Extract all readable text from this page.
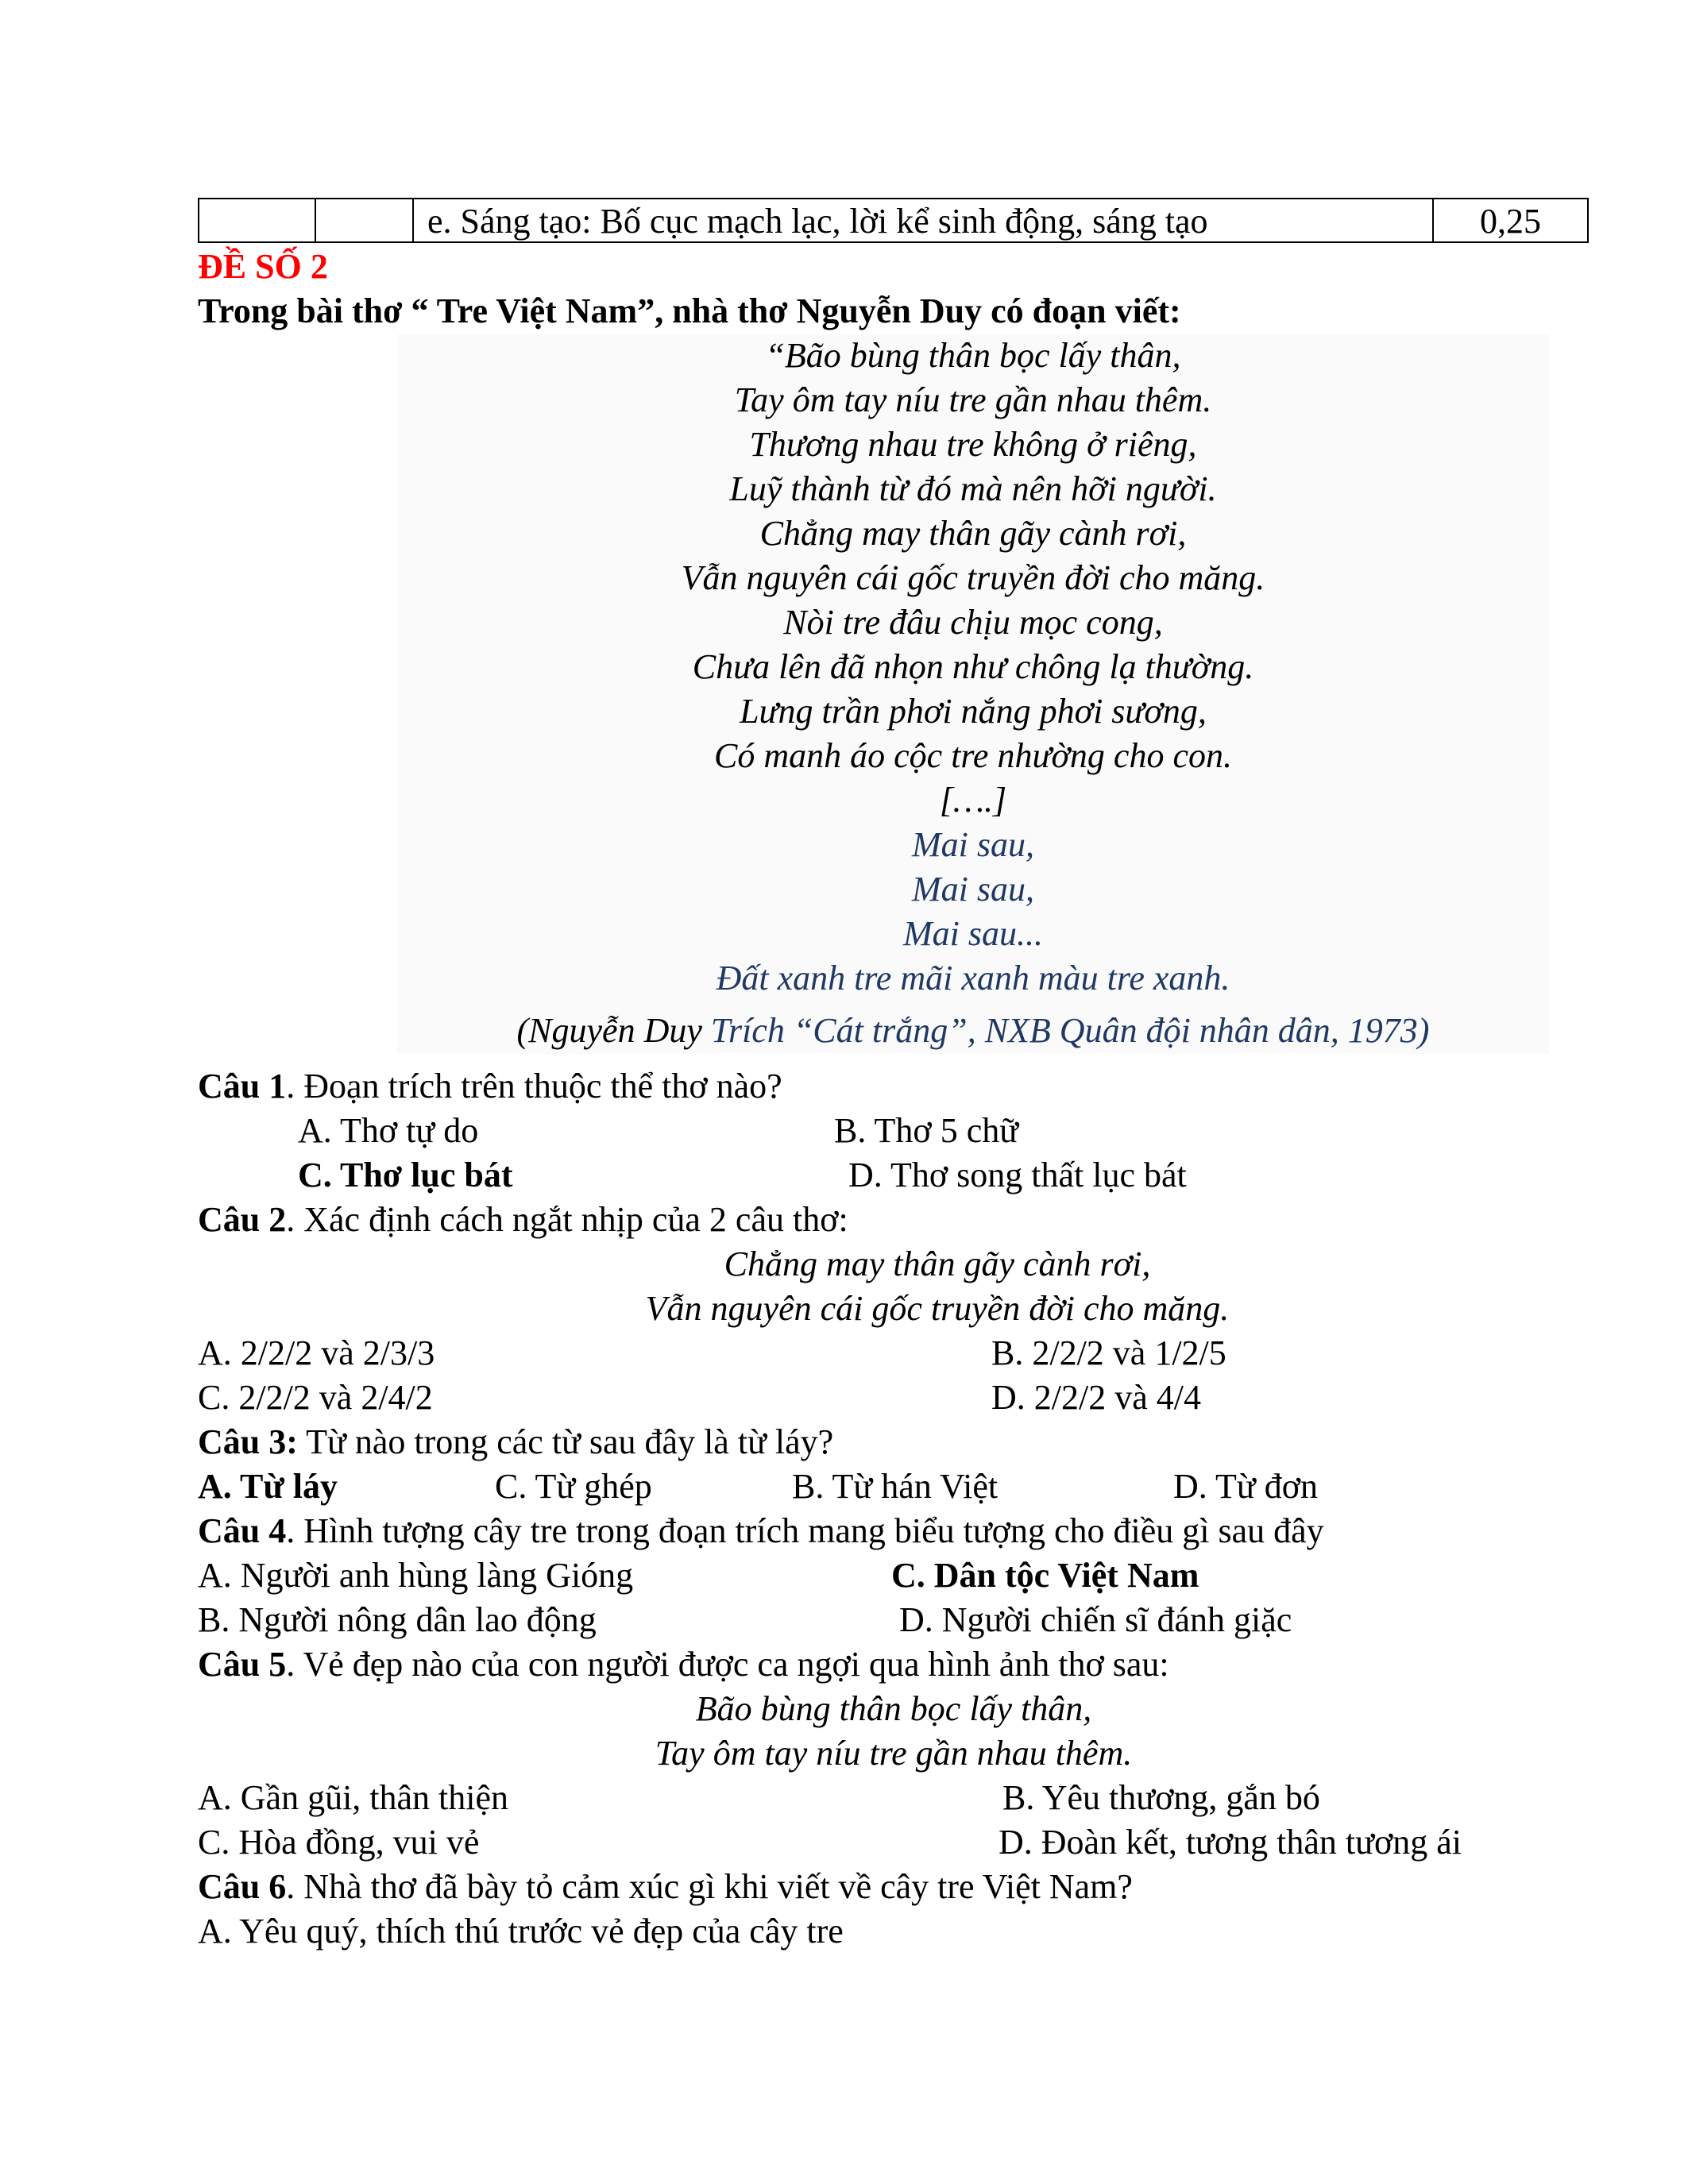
e. Sáng tạo: Bố cục mạch lạc, lời kể sinh động, sáng tạo	0,25
ĐỀ SỐ 2
Trong bài thơ “ Tre Việt Nam”, nhà thơ Nguyễn Duy có đoạn viết:
“Bão bùng thân bọc lấy thân,
Tay ôm tay níu tre gần nhau thêm.
Thương nhau tre không ở riêng,
Luỹ thành từ đó mà nên hỡi người.
Chẳng may thân gãy cành rơi,
Vẫn nguyên cái gốc truyền đời cho măng.
Nòi tre đâu chịu mọc cong,
Chưa lên đã nhọn như chông lạ thường.
Lưng trần phơi nắng phơi sương,
Có manh áo cộc tre nhường cho con.
[….]
Mai sau,
Mai sau,
Mai sau...
Đất xanh tre mãi xanh màu tre xanh.
(Nguyễn Duy Trích “Cát trắng”, NXB Quân đội nhân dân, 1973)
Câu 1. Đoạn trích trên thuộc thể thơ nào?
A. Thơ tự do	B. Thơ 5 chữ
C. Thơ lục bát	D. Thơ song thất lục bát
Câu 2. Xác định cách ngắt nhịp của 2 câu thơ:
Chẳng may thân gãy cành rơi,
Vẫn nguyên cái gốc truyền đời cho măng.
A. 2/2/2 và 2/3/3	B. 2/2/2 và 1/2/5
C. 2/2/2 và 2/4/2	D. 2/2/2 và 4/4
Câu 3: Từ nào trong các từ sau đây là từ láy?
A. Từ láy	C. Từ ghép	B. Từ hán Việt	D. Từ đơn
Câu 4. Hình tượng cây tre trong đoạn trích mang biểu tượng cho điều gì sau đây
A. Người anh hùng làng Gióng	C. Dân tộc Việt Nam
B. Người nông dân lao động	D. Người chiến sĩ đánh giặc
Câu 5. Vẻ đẹp nào của con người được ca ngợi qua hình ảnh thơ sau:
Bão bùng thân bọc lấy thân,
Tay ôm tay níu tre gần nhau thêm.
A. Gần gũi, thân thiện	B. Yêu thương, gắn bó
C. Hòa đồng, vui vẻ	D. Đoàn kết, tương thân tương ái
Câu 6. Nhà thơ đã bày tỏ cảm xúc gì khi viết về cây tre Việt Nam?
A. Yêu quý, thích thú trước vẻ đẹp của cây tre
